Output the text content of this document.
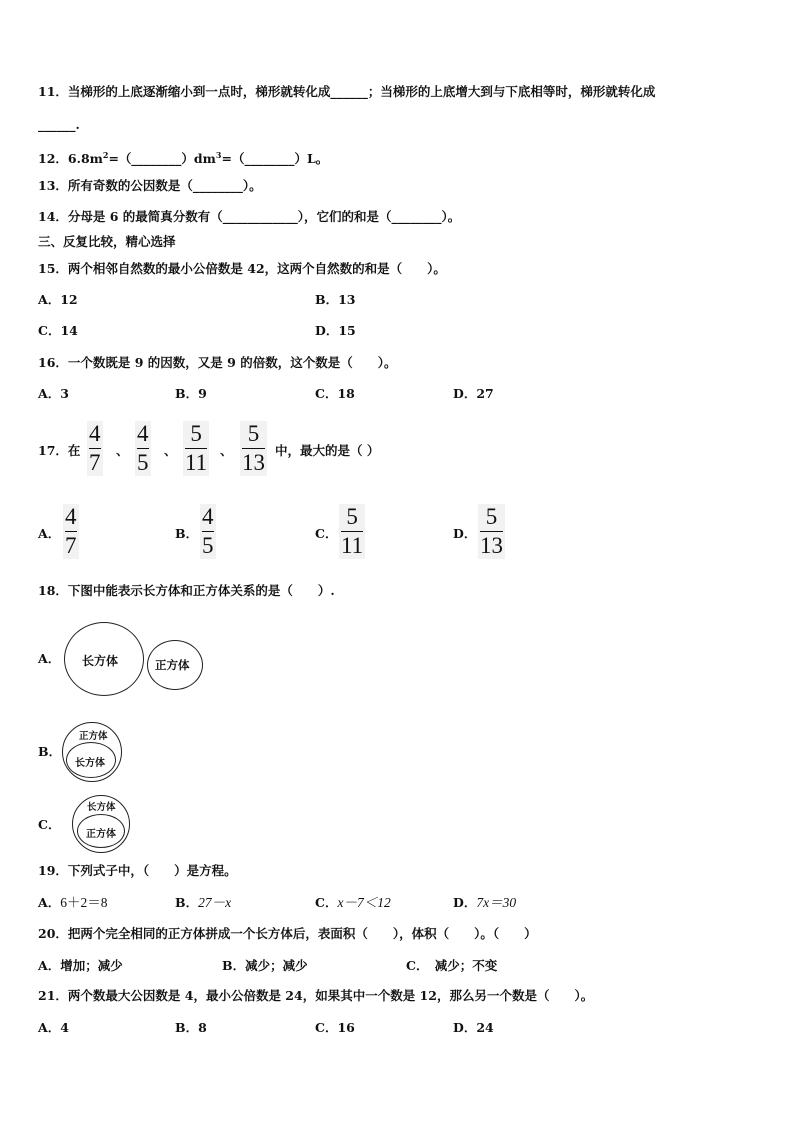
11．当梯形的上底逐渐缩小到一点时，梯形就转化成______；当梯形的上底增大到与下底相等时，梯形就转化成
______.
12．$6.8m^2=(\_\_\_\_\_\_\_\_)dm^3=(\_\_\_\_\_\_\_\_)L$。
13．所有奇数的公因数是（________）。
14．分母是 6 的最简真分数有（____________），它们的和是（________）。
三、反复比较，精心选择
15．两个相邻自然数的最小公倍数是 42，这两个自然数的和是（　　）。
A．12	B．13
C．14	D．15
16．一个数既是 9 的因数，又是 9 的倍数，这个数是（　　）。
A．3	B．9	C．18	D．27
17．在
4
7 、
4
5 、
5
11 、
5
13 中，最大的是（ ）
A．
4
7	B．
4
5	C．
5
11	D．
5
13
18．下图中能表示长方体和正方体关系的是（　　）.
A． 长方体	正方体
B．
正方体
长方体
C．
长方体
正方体
19．下列式子中，（　　）是方程。
A．6＋2＝8	B．27－x	C．x－7＜12	D．7x＝30
20．把两个完全相同的正方体拼成一个长方体后，表面积（　　），体积（　　）。（　　）
A．增加；减少	B．减少；减少	C．　减少；不变
21．两个数最大公因数是 4，最小公倍数是 24，如果其中一个数是 12，那么另一个数是（　　）。
A．4	B．8	C．16	D．24
